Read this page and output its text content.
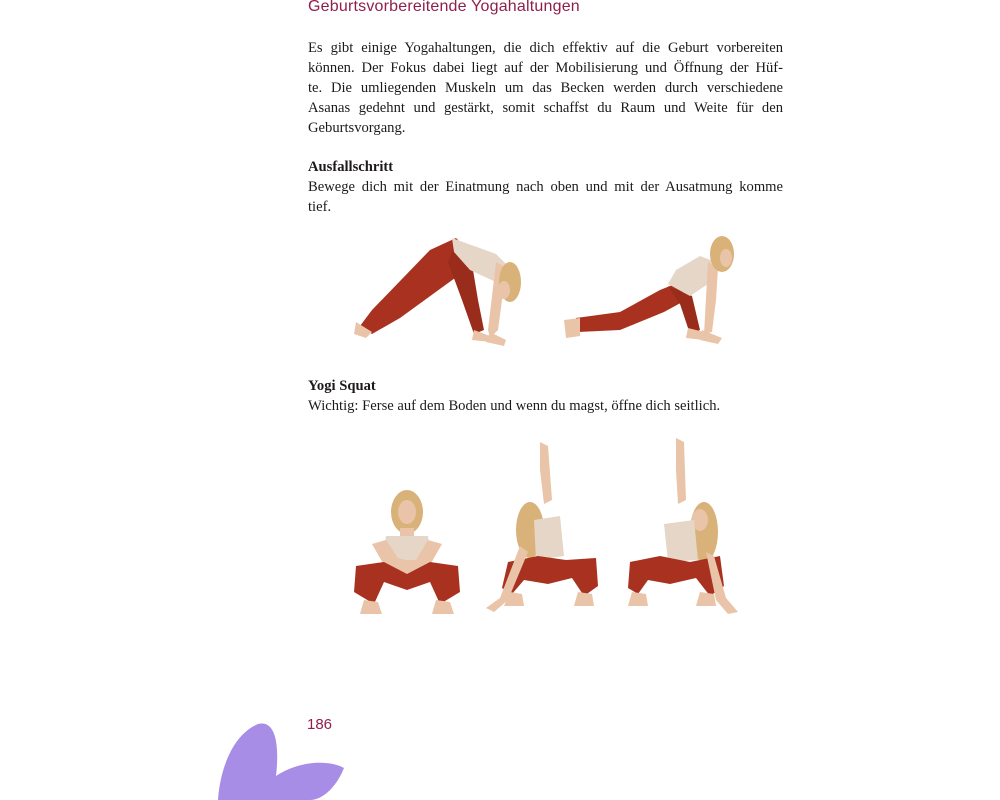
Geburtsvorbereitende Yogahaltungen
Es gibt einige Yogahaltungen, die dich effektiv auf die Geburt vorbereiten
können. Der Fokus dabei liegt auf der Mobilisierung und Öffnung der Hüf-
te. Die umliegenden Muskeln um das Becken werden durch verschiedene
Asanas gedehnt und gestärkt, somit schaffst du Raum und Weite für den
Geburtsvorgang.
Ausfallschritt
Bewege dich mit der Einatmung nach oben und mit der Ausatmung komme
tief.
Yogi Squat
Wichtig: Ferse auf dem Boden und wenn du magst, öffne dich seitlich.
186
